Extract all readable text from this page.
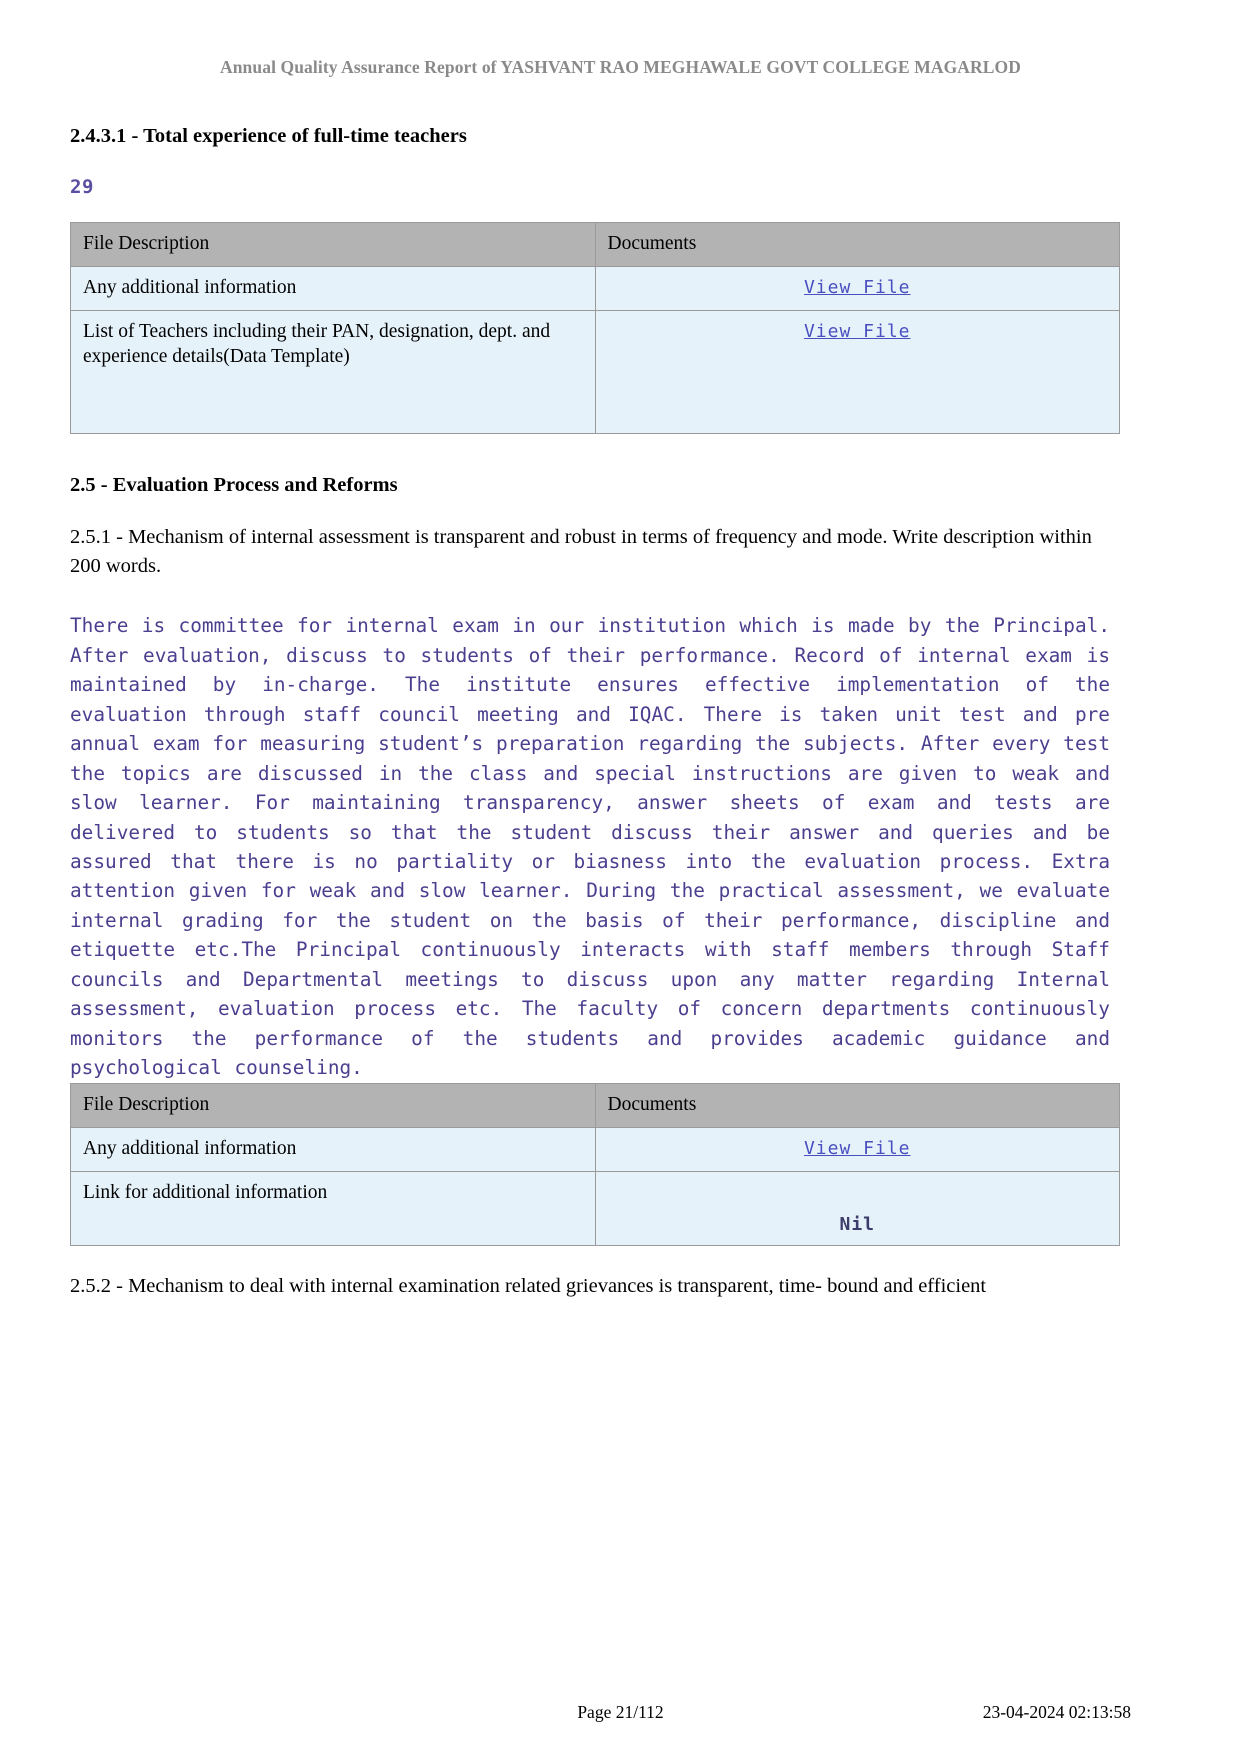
Annual Quality Assurance Report of YASHVANT RAO MEGHAWALE GOVT COLLEGE MAGARLOD
2.4.3.1 - Total experience of full-time teachers
29
File Description	Documents
Any additional information	View File
List of Teachers including their PAN, designation, dept. and experience details(Data Template)	View File
2.5 - Evaluation Process and Reforms

2.5.1 - Mechanism of internal assessment is transparent and robust in terms of frequency and mode. Write description within 200 words.

There is committee for internal exam in our institution which is made by the Principal. After evaluation, discuss to students of their performance. Record of internal exam is maintained by in-charge. The institute ensures effective implementation of the evaluation through staff council meeting and IQAC. There is taken unit test and pre annual exam for measuring student’s preparation regarding the subjects. After every test the topics are discussed in the class and special instructions are given to weak and slow learner. For maintaining transparency, answer sheets of exam and tests are delivered to students so that the student discuss their answer and queries and be assured that there is no partiality or biasness into the evaluation process. Extra attention given for weak and slow learner. During the practical assessment, we evaluate internal grading for the student on the basis of their performance, discipline and etiquette etc.The Principal continuously interacts with staff members through Staff councils and Departmental meetings to discuss upon any matter regarding Internal assessment, evaluation process etc. The faculty of concern departments continuously monitors the performance of the students and provides academic guidance and psychological counseling.
File Description	Documents
Any additional information	View File
Link for additional information	Nil

2.5.2 - Mechanism to deal with internal examination related grievances is transparent, time- bound and efficient

Page 21/112	23-04-2024 02:13:58
